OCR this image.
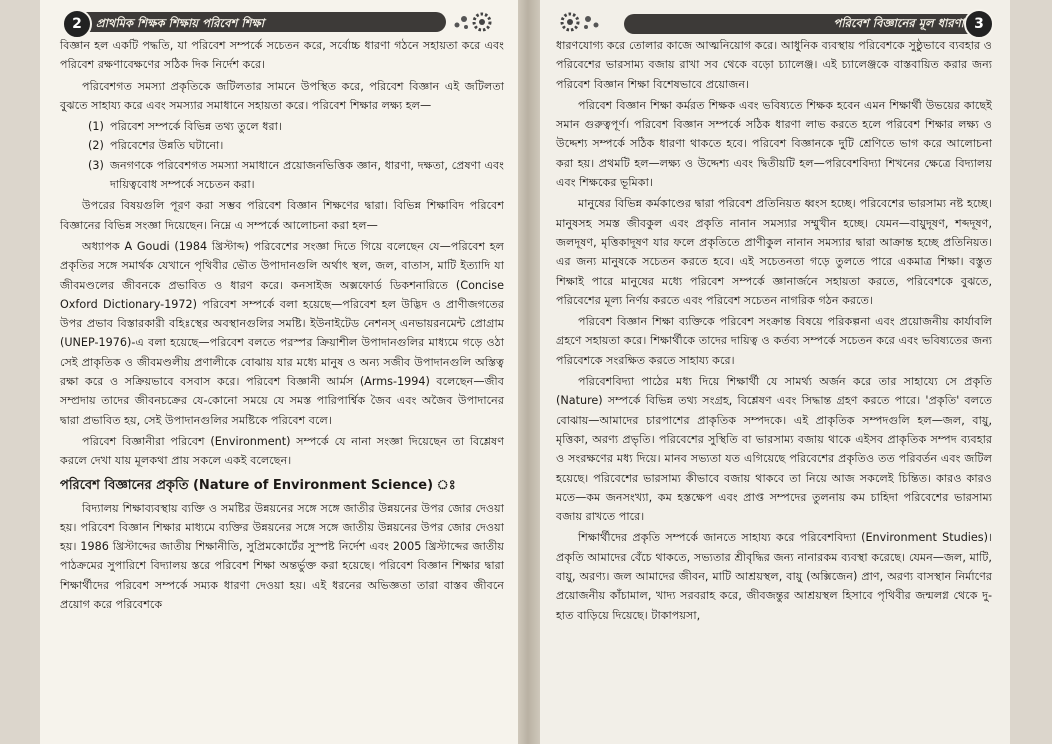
2	প্রাথমিক শিক্ষক শিক্ষায় পরিবেশ শিক্ষা

বিজ্ঞান হল একটি পদ্ধতি, যা পরিবেশ সম্পর্কে সচেতন করে, সর্বোচ্চ ধারণা গঠনে সহায়তা করে এবং পরিবেশ রক্ষণাবেক্ষণের সঠিক দিক নির্দেশ করে।

পরিবেশগত সমস্যা প্রকৃতিকে জটিলতার সামনে উপস্থিত করে, পরিবেশ বিজ্ঞান এই জটিলতা বুঝতে সাহায্য করে এবং সমস্যার সমাধানে সহায়তা করে। পরিবেশ শিক্ষার লক্ষ্য হল—

(1) পরিবেশ সম্পর্কে বিভিন্ন তথ্য তুলে ধরা।
(2) পরিবেশের উন্নতি ঘটানো।
(3) জনগণকে পরিবেশগত সমস্যা সমাধানে প্রয়োজনভিত্তিক জ্ঞান, ধারণা, দক্ষতা, প্রেষণা এবং দায়িত্ববোধ সম্পর্কে সচেতন করা।

উপরের বিষয়গুলি পূরণ করা সম্ভব পরিবেশ বিজ্ঞান শিক্ষণের দ্বারা। বিভিন্ন শিক্ষাবিদ পরিবেশ বিজ্ঞানের বিভিন্ন সংজ্ঞা দিয়েছেন। নিম্নে এ সম্পর্কে আলোচনা করা হল—

অধ্যাপক A Goudi (1984 খ্রিস্টাব্দ) পরিবেশের সংজ্ঞা দিতে গিয়ে বলেছেন যে—পরিবেশ হল প্রকৃতির সঙ্গে সমার্থক যেখানে পৃথিবীর ভৌত উপাদানগুলি অর্থাৎ স্থল, জল, বাতাস, মাটি ইত্যাদি যা জীবমণ্ডলের জীবনকে প্রভাবিত ও ধারণ করে। কনসাইজ অক্সফোর্ড ডিকশনারিতে (Concise Oxford Dictionary-1972) পরিবেশ সম্পর্কে বলা হয়েছে—পরিবেশ হল উদ্ভিদ ও প্রাণীজগতের উপর প্রভাব বিস্তারকারী বহিঃস্থের অবস্থানগুলির সমষ্টি। ইউনাইটেড নেশনস্ এনভায়রনমেন্ট প্রোগ্রাম (UNEP-1976)-এ বলা হয়েছে—পরিবেশ বলতে পরস্পর ক্রিয়াশীল উপাদানগুলির মাধ্যমে গড়ে ওঠা সেই প্রাকৃতিক ও জীবমণ্ডলীয় প্রণালীকে বোঝায় যার মধ্যে মানুষ ও অন্য সজীব উপাদানগুলি অস্তিত্ব রক্ষা করে ও সক্রিয়ভাবে বসবাস করে। পরিবেশ বিজ্ঞানী আর্মস (Arms-1994) বলেছেন—জীব সম্প্রদায় তাদের জীবনচক্রের যে-কোনো সময়ে যে সমস্ত পারিপার্শ্বিক জৈব এবং অজৈব উপাদানের দ্বারা প্রভাবিত হয়, সেই উপাদানগুলির সমষ্টিকে পরিবেশ বলে।

পরিবেশ বিজ্ঞানীরা পরিবেশ (Environment) সম্পর্কে যে নানা সংজ্ঞা দিয়েছেন তা বিশ্লেষণ করলে দেখা যায় মূলকথা প্রায় সকলে একই বলেছেন।

পরিবেশ বিজ্ঞানের প্রকৃতি (Nature of Environment Science) ঃ

বিদ্যালয় শিক্ষাব্যবস্থায় ব্যক্তি ও সমষ্টির উন্নয়নের সঙ্গে সঙ্গে জাতীর উন্নয়নের উপর জোর দেওয়া হয়। পরিবেশ বিজ্ঞান শিক্ষার মাধ্যমে ব্যক্তির উন্নয়নের সঙ্গে সঙ্গে জাতীয় উন্নয়নের উপর জোর দেওয়া হয়। 1986 খ্রিস্টাব্দের জাতীয় শিক্ষানীতি, সুপ্রিমকোর্টের সুস্পষ্ট নির্দেশ এবং 2005 খ্রিস্টাব্দের জাতীয় পাঠক্রমের সুপারিশে বিদ্যালয় স্তরে পরিবেশ শিক্ষা অন্তর্ভুক্ত করা হয়েছে। পরিবেশ বিজ্ঞান শিক্ষার দ্বারা শিক্ষার্থীদের পরিবেশ সম্পর্কে সম্যক ধারণা দেওয়া হয়। এই ধরনের অভিজ্ঞতা তারা বাস্তব জীবনে প্রয়োগ করে পরিবেশকে

পরিবেশ বিজ্ঞানের মূল ধারণা 3

ধারণযোগ্য করে তোলার কাজে আত্মনিয়োগ করে। আধুনিক ব্যবস্থায় পরিবেশকে সুষ্ঠুভাবে ব্যবহার ও পরিবেশের ভারসাম্য বজায় রাখা সব থেকে বড়ো চ্যালেঞ্জ। এই চ্যালেঞ্জকে বাস্তবায়িত করার জন্য পরিবেশ বিজ্ঞান শিক্ষা বিশেষভাবে প্রয়োজন।

পরিবেশ বিজ্ঞান শিক্ষা কর্মরত শিক্ষক এবং ভবিষ্যতে শিক্ষক হবেন এমন শিক্ষার্থী উভয়ের কাছেই সমান গুরুত্বপূর্ণ। পরিবেশ বিজ্ঞান সম্পর্কে সঠিক ধারণা লাভ করতে হলে পরিবেশ শিক্ষার লক্ষ্য ও উদ্দেশ্য সম্পর্কে সঠিক ধারণা থাকতে হবে। পরিবেশ বিজ্ঞানকে দুটি শ্রেণিতে ভাগ করে আলোচনা করা হয়। প্রথমটি হল—লক্ষ্য ও উদ্দেশ্য এবং দ্বিতীয়টি হল—পরিবেশবিদ্যা শিখনের ক্ষেত্রে বিদ্যালয় এবং শিক্ষকের ভূমিকা।

মানুষের বিভিন্ন কর্মকাণ্ডের দ্বারা পরিবেশ প্রতিনিয়ত ধ্বংস হচ্ছে। পরিবেশের ভারসাম্য নষ্ট হচ্ছে। মানুষসহ সমস্ত জীবকুল এবং প্রকৃতি নানান সমস্যার সম্মুখীন হচ্ছে। যেমন—বায়ুদূষণ, শব্দদূষণ, জলদূষণ, মৃত্তিকাদূষণ যার ফলে প্রকৃতিতে প্রাণীকুল নানান সমস্যার দ্বারা আক্রান্ত হচ্ছে প্রতিনিয়ত। এর জন্য মানুষকে সচেতন করতে হবে। এই সচেতনতা গড়ে তুলতে পারে একমাত্র শিক্ষা। বস্তুত শিক্ষাই পারে মানুষের মধ্যে পরিবেশ সম্পর্কে জ্ঞানার্জনে সহায়তা করতে, পরিবেশকে বুঝতে, পরিবেশের মূল্য নির্ণয় করতে এবং পরিবেশ সচেতন নাগরিক গঠন করতে।

পরিবেশ বিজ্ঞান শিক্ষা ব্যক্তিকে পরিবেশ সংক্রান্ত বিষয়ে পরিকল্পনা এবং প্রয়োজনীয় কার্যাবলি গ্রহণে সহায়তা করে। শিক্ষার্থীকে তাদের দায়িত্ব ও কর্তব্য সম্পর্কে সচেতন করে এবং ভবিষ্যতের জন্য পরিবেশকে সংরক্ষিত করতে সাহায্য করে।

পরিবেশবিদ্যা পাঠের মধ্য দিয়ে শিক্ষার্থী যে সামর্থ্য অর্জন করে তার সাহায্যে সে প্রকৃতি (Nature) সম্পর্কে বিভিন্ন তথ্য সংগ্রহ, বিশ্লেষণ এবং সিদ্ধান্ত গ্রহণ করতে পারে। 'প্রকৃতি' বলতে বোঝায়—আমাদের চারপাশের প্রাকৃতিক সম্পদকে। এই প্রাকৃতিক সম্পদগুলি হল—জল, বায়ু, মৃত্তিকা, অরণ্য প্রভৃতি। পরিবেশের সুস্থিতি বা ভারসাম্য বজায় থাকে এইসব প্রাকৃতিক সম্পদ ব্যবহার ও সংরক্ষণের মধ্য দিয়ে। মানব সভ্যতা যত এগিয়েছে পরিবেশের প্রকৃতিও তত পরিবর্তন এবং জটিল হয়েছে। পরিবেশের ভারসাম্য কীভাবে বজায় থাকবে তা নিয়ে আজ সকলেই চিন্তিত। কারও কারও মতে—কম জনসংখ্যা, কম হস্তক্ষেপ এবং প্রাপ্ত সম্পদের তুলনায় কম চাহিদা পরিবেশের ভারসাম্য বজায় রাখতে পারে।

শিক্ষার্থীদের প্রকৃতি সম্পর্কে জানতে সাহায্য করে পরিবেশবিদ্যা (Environment Studies)। প্রকৃতি আমাদের বেঁচে থাকতে, সভ্যতার শ্রীবৃদ্ধির জন্য নানারকম ব্যবস্থা করেছে। যেমন—জল, মাটি, বায়ু, অরণ্য। জল আমাদের জীবন, মাটি আশ্রয়স্থল, বায়ু (অক্সিজেন) প্রাণ, অরণ্য বাসস্থান নির্মাণের প্রয়োজনীয় কাঁচামাল, খাদ্য সরবরাহ করে, জীবজন্তুর আশ্রয়স্থল হিসাবে পৃথিবীর জন্মলগ্ন থেকে দু-হাত বাড়িয়ে দিয়েছে। টাকাপয়সা,
